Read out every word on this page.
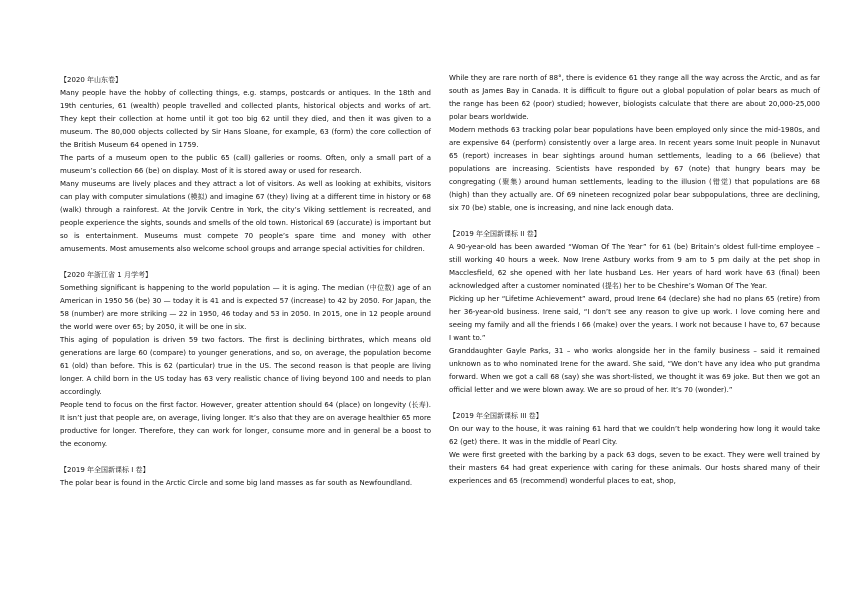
【2020 年山东卷】

Many people have the hobby of collecting things, e.g. stamps, postcards or antiques. In the 18th and 19th centuries, 61 (wealth) people travelled and collected plants, historical objects and works of art. They kept their collection at home until it got too big 62 until they died, and then it was given to a museum. The 80,000 objects collected by Sir Hans Sloane, for example, 63 (form) the core collection of the British Museum 64 opened in 1759.

The parts of a museum open to the public 65 (call) galleries or rooms. Often, only a small part of a museum’s collection 66 (be) on display. Most of it is stored away or used for research.

Many museums are lively places and they attract a lot of visitors. As well as looking at exhibits, visitors can play with computer simulations (模拟) and imagine 67 (they) living at a different time in history or 68 (walk) through a rainforest. At the Jorvik Centre in York, the city’s Viking settlement is recreated, and people experience the sights, sounds and smells of the old town. Historical 69 (accurate) is important but so is entertainment. Museums must compete 70 people’s spare time and money with other amusements. Most amusements also welcome school groups and arrange special activities for children.

【2020 年浙江省 1 月学考】

Something significant is happening to the world population — it is aging. The median (中位数) age of an American in 1950 56 (be) 30 — today it is 41 and is expected 57 (increase) to 42 by 2050. For Japan, the 58 (number) are more striking — 22 in 1950, 46 today and 53 in 2050. In 2015, one in 12 people around the world were over 65; by 2050, it will be one in six.

This aging of population is driven 59 two factors. The first is declining birthrates, which means old generations are large 60 (compare) to younger generations, and so, on average, the population become 61 (old) than before. This is 62 (particular) true in the US. The second reason is that people are living longer. A child born in the US today has 63 very realistic chance of living beyond 100 and needs to plan accordingly.

People tend to focus on the first factor. However, greater attention should 64 (place) on longevity (长寿). It isn’t just that people are, on average, living longer. It’s also that they are on average healthier 65 more productive for longer. Therefore, they can work for longer, consume more and in general be a boost to the economy.

【2019 年全国新课标 I 卷】

The polar bear is found in the Arctic Circle and some big land masses as far south as Newfoundland.

While they are rare north of 88°, there is evidence 61 they range all the way across the Arctic, and as far south as James Bay in Canada. It is difficult to figure out a global population of polar bears as much of the range has been 62 (poor) studied; however, biologists calculate that there are about 20,000-25,000 polar bears worldwide.

Modern methods 63 tracking polar bear populations have been employed only since the mid-1980s, and are expensive 64 (perform) consistently over a large area. In recent years some Inuit people in Nunavut 65 (report) increases in bear sightings around human settlements, leading to a 66 (believe) that populations are increasing. Scientists have responded by 67 (note) that hungry bears may be congregating (聚集) around human settlements, leading to the illusion (错觉) that populations are 68 (high) than they actually are. Of 69 nineteen recognized polar bear subpopulations, three are declining, six 70 (be) stable, one is increasing, and nine lack enough data.

【2019 年全国新课标 II 卷】

A 90-year-old has been awarded “Woman Of The Year” for 61 (be) Britain’s oldest full-time employee – still working 40 hours a week. Now Irene Astbury works from 9 am to 5 pm daily at the pet shop in Macclesfield, 62 she opened with her late husband Les. Her years of hard work have 63 (final) been acknowledged after a customer nominated (提名) her to be Cheshire’s Woman Of The Year.

Picking up her “Lifetime Achievement” award, proud Irene 64 (declare) she had no plans 65 (retire) from her 36-year-old business. Irene said, “I don’t see any reason to give up work. I love coming here and seeing my family and all the friends I 66 (make) over the years. I work not because I have to, 67 because I want to.”

Granddaughter Gayle Parks, 31 – who works alongside her in the family business – said it remained unknown as to who nominated Irene for the award. She said, “We don’t have any idea who put grandma forward. When we got a call 68 (say) she was short-listed, we thought it was 69 joke. But then we got an official letter and we were blown away. We are so proud of her. It’s 70 (wonder).”

【2019 年全国新课标 III 卷】

On our way to the house, it was raining 61 hard that we couldn’t help wondering how long it would take 62 (get) there. It was in the middle of Pearl City.

We were first greeted with the barking by a pack 63 dogs, seven to be exact. They were well trained by their masters 64 had great experience with caring for these animals. Our hosts shared many of their experiences and 65 (recommend) wonderful places to eat, shop,
